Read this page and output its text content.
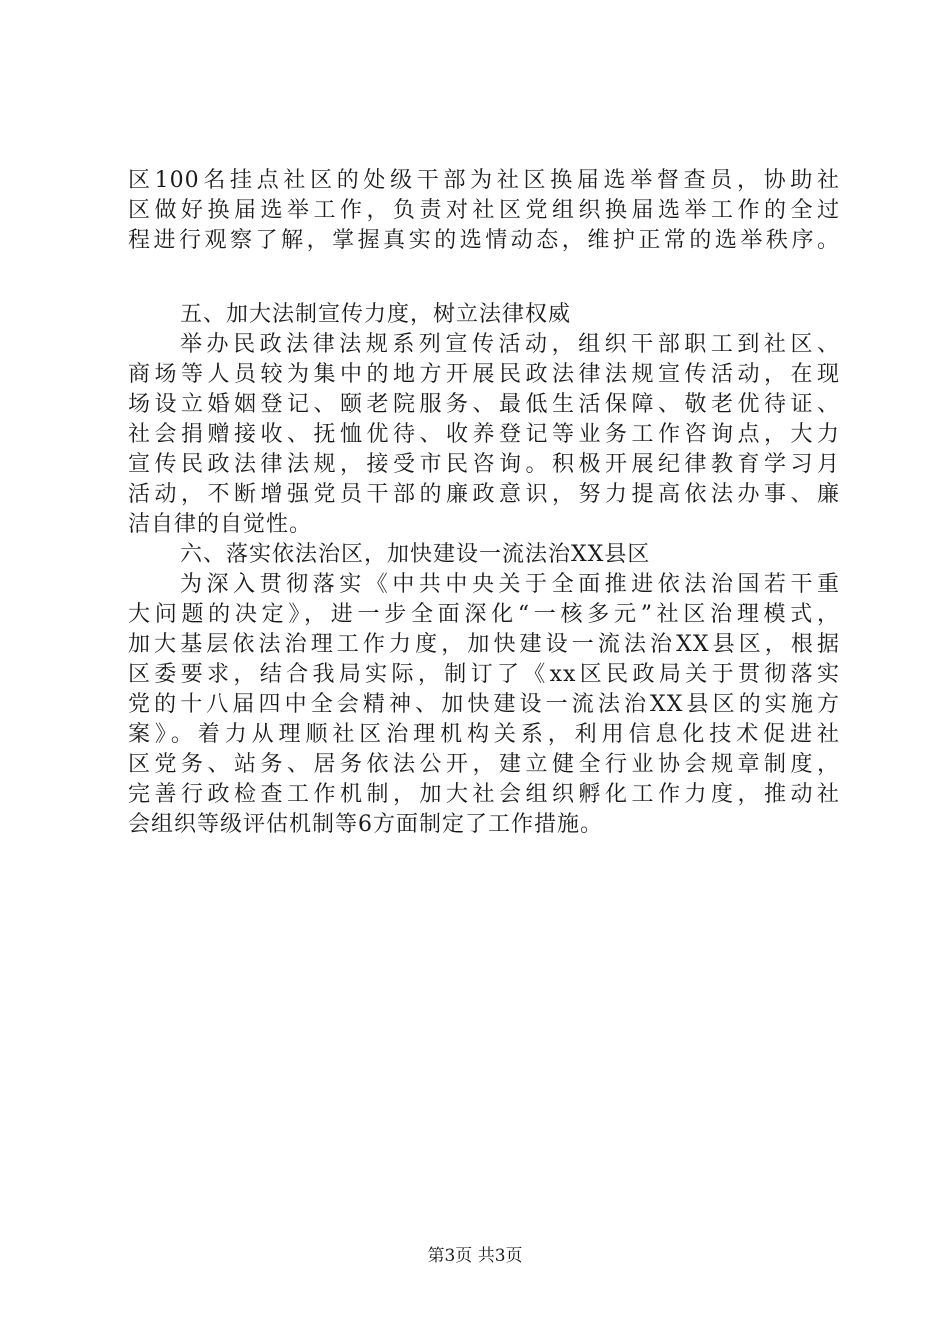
区100名挂点社区的处级干部为社区换届选举督查员，协助社
区做好换届选举工作，负责对社区党组织换届选举工作的全过
程进行观察了解，掌握真实的选情动态，维护正常的选举秩序。
五、加大法制宣传力度，树立法律权威
举办民政法律法规系列宣传活动，组织干部职工到社区、
商场等人员较为集中的地方开展民政法律法规宣传活动，在现
场设立婚姻登记、颐老院服务、最低生活保障、敬老优待证、
社会捐赠接收、抚恤优待、收养登记等业务工作咨询点，大力
宣传民政法律法规，接受市民咨询。积极开展纪律教育学习月
活动，不断增强党员干部的廉政意识，努力提高依法办事、廉
洁自律的自觉性。
六、落实依法治区，加快建设一流法治XX县区
为深入贯彻落实《中共中央关于全面推进依法治国若干重
大问题的决定》，进一步全面深化“一核多元”社区治理模式，
加大基层依法治理工作力度，加快建设一流法治XX县区，根据
区委要求，结合我局实际，制订了《xx区民政局关于贯彻落实
党的十八届四中全会精神、加快建设一流法治XX县区的实施方
案》。着力从理顺社区治理机构关系，利用信息化技术促进社
区党务、站务、居务依法公开，建立健全行业协会规章制度，
完善行政检查工作机制，加大社会组织孵化工作力度，推动社
会组织等级评估机制等6方面制定了工作措施。
第3页 共3页
